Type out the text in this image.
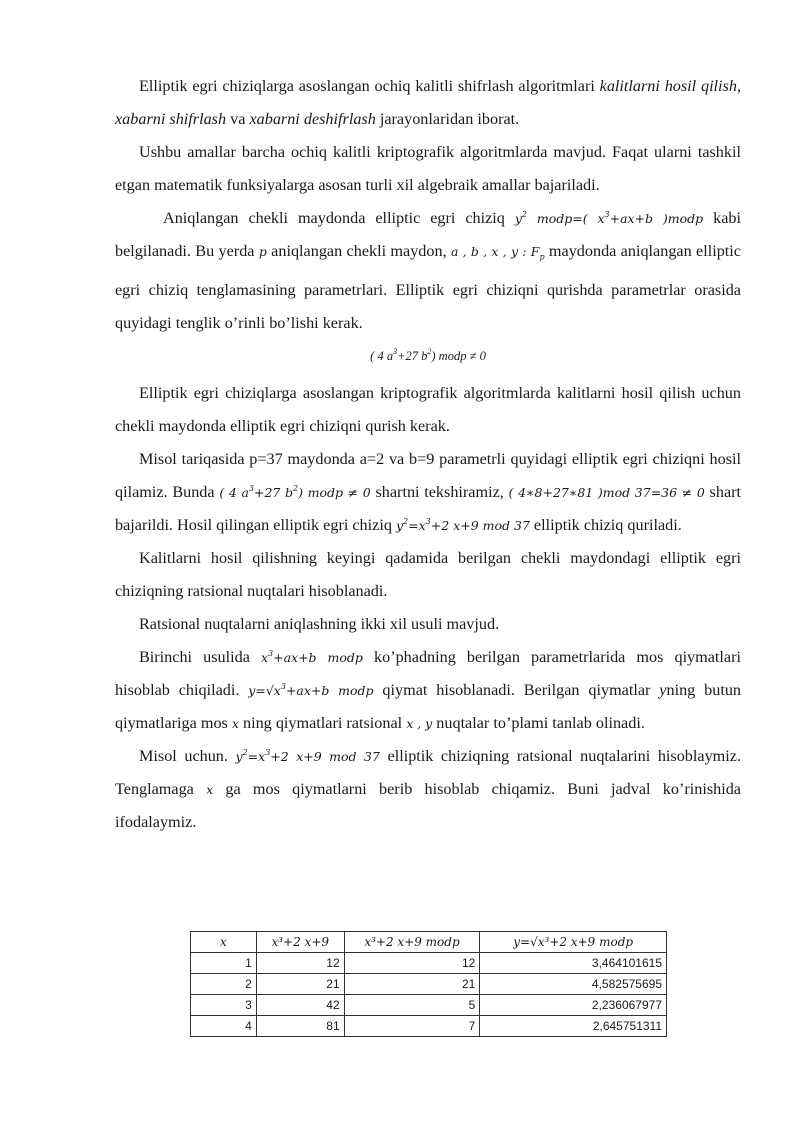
Elliptik egri chiziqlarga asoslangan ochiq kalitli shifrlash algoritmlari kalitlarni hosil qilish, xabarni shifrlash va xabarni deshifrlash jarayonlaridan iborat.

Ushbu amallar barcha ochiq kalitli kriptografik algoritmlarda mavjud. Faqat ularni tashkil etgan matematik funksiyalarga asosan turli xil algebraik amallar bajariladi.

Aniqlangan chekli maydonda elliptic egri chiziq $y^2$ modp=( $x^3+ax+b$ )modp kabi belgilanadi. Bu yerda p aniqlangan chekli maydon, a , b , x , y : $F_p$ maydonda aniqlangan elliptic egri chiziq tenglamasining parametrlari. Elliptik egri chiziqni qurishda parametrlar orasida quyidagi tenglik o’rinli bo’lishi kerak.

( 4 $a^3+27$ $b^2$) modp ≠ 0

Elliptik egri chiziqlarga asoslangan kriptografik algoritmlarda kalitlarni hosil qilish uchun chekli maydonda elliptik egri chiziqni qurish kerak.

Misol tariqasida p=37 maydonda a=2 va b=9 parametrli quyidagi elliptik egri chiziqni hosil qilamiz. Bunda ( 4 $a^3+27$ $b^2$) modp ≠ 0 shartni tekshiramiz, ( 4∗8+27∗81 )mod 37=36 ≠ 0 shart bajarildi. Hosil qilingan elliptik egri chiziq $y^2=x^3+2$ x+9 mod 37 elliptik chiziq quriladi.

Kalitlarni hosil qilishning keyingi qadamida berilgan chekli maydondagi elliptik egri chiziqning ratsional nuqtalari hisoblanadi.

Ratsional nuqtalarni aniqlashning ikki xil usuli mavjud.

Birinchi usulida $x^3+ax+b$ modp ko’phadning berilgan parametrlarida mos qiymatlari hisoblab chiqiladi. $y=√x^3+ax+b$ modp qiymat hisoblanadi. Berilgan qiymatlar yning butun qiymatlariga mos x ning qiymatlari ratsional x , y nuqtalar to’plami tanlab olinadi.

Misol uchun. $y^2=x^3+2$ x+9 mod 37 elliptik chiziqning ratsional nuqtalarini hisoblaymiz. Tenglamaga x ga mos qiymatlarni berib hisoblab chiqamiz. Buni jadval ko’rinishida ifodalaymiz.

x	x³+2 x+9	x³+2 x+9 modp	y=√x³+2 x+9 modp
1	12	12	3,464101615
2	21	21	4,582575695
3	42	5	2,236067977
4	81	7	2,645751311
